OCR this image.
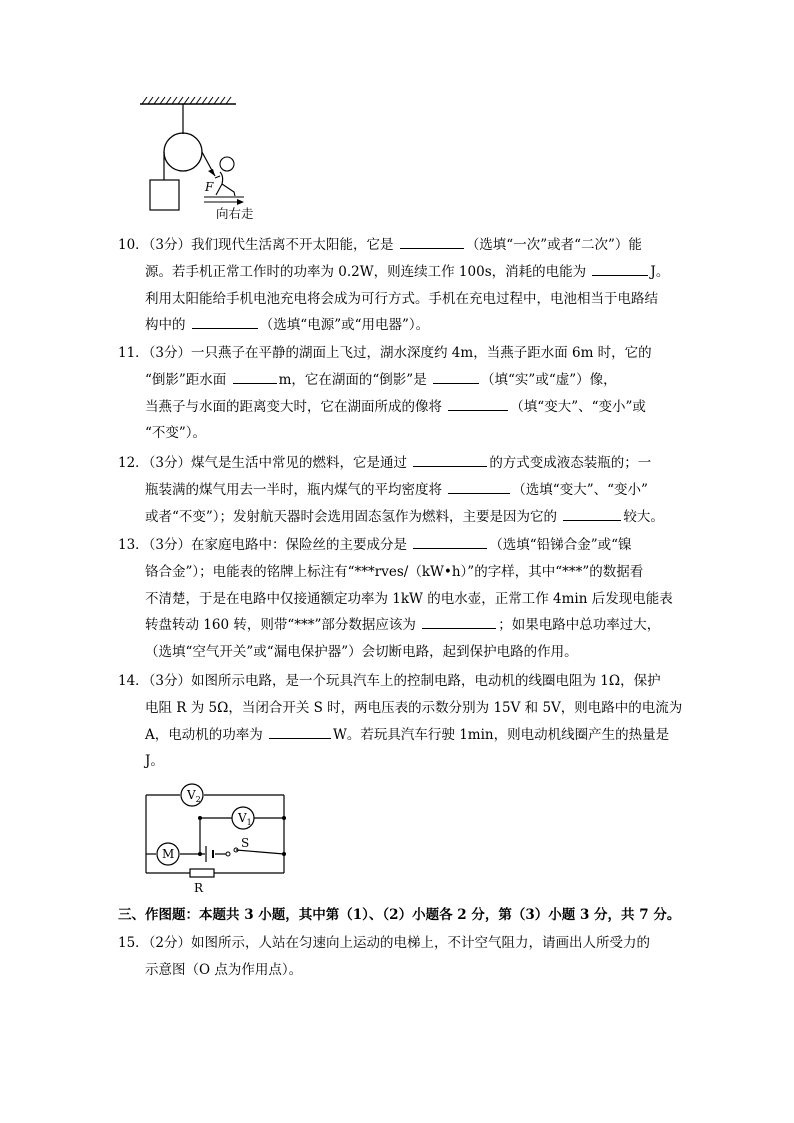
F
向右走
10．（3分）我们现代生活离不开太阳能，它是	（选填“一次”或者“二次”）能
源。若手机正常工作时的功率为 0.2W，则连续工作 100s，消耗的电能为	J。
利用太阳能给手机电池充电将会成为可行方式。手机在充电过程中，电池相当于电路结
构中的	（选填“电源”或“用电器”）。
11．（3分）一只燕子在平静的湖面上飞过，湖水深度约 4m，当燕子距水面 6m 时，它的
“倒影”距水面	m，它在湖面的“倒影”是	（填“实”或“虚”）像，
当燕子与水面的距离变大时，它在湖面所成的像将	（填“变大”、“变小”或
“不变”）。
12．（3分）煤气是生活中常见的燃料，它是通过	的方式变成液态装瓶的；一
瓶装满的煤气用去一半时，瓶内煤气的平均密度将	（选填“变大”、“变小”
或者“不变”）；发射航天器时会选用固态氢作为燃料，主要是因为它的	较大。
13．（3分）在家庭电路中：保险丝的主要成分是	（选填“铅锑合金”或“镍
铬合金”）；电能表的铭牌上标注有“***rves/（kW•h）”的字样，其中“***”的数据看
不清楚，于是在电路中仅接通额定功率为 1kW 的电水壶，正常工作 4min 后发现电能表
转盘转动 160 转，则带“***”部分数据应该为	；如果电路中总功率过大，
（选填“空气开关”或“漏电保护器”）会切断电路，起到保护电路的作用。
14．（3分）如图所示电路，是一个玩具汽车上的控制电路，电动机的线圈电阻为 1Ω，保护
电阻 R 为 5Ω，当闭合开关 S 时，两电压表的示数分别为 15V 和 5V，则电路中的电流为
A，电动机的功率为	W。若玩具汽车行驶 1min，则电动机线圈产生的热量是
J。
$V_2$
$V_1$
M
S
R
三、作图题：本题共 3 小题，其中第（1）、（2）小题各 2 分，第（3）小题 3 分，共 7 分。
15．（2分）如图所示，人站在匀速向上运动的电梯上，不计空气阻力，请画出人所受力的
示意图（O 点为作用点）。
